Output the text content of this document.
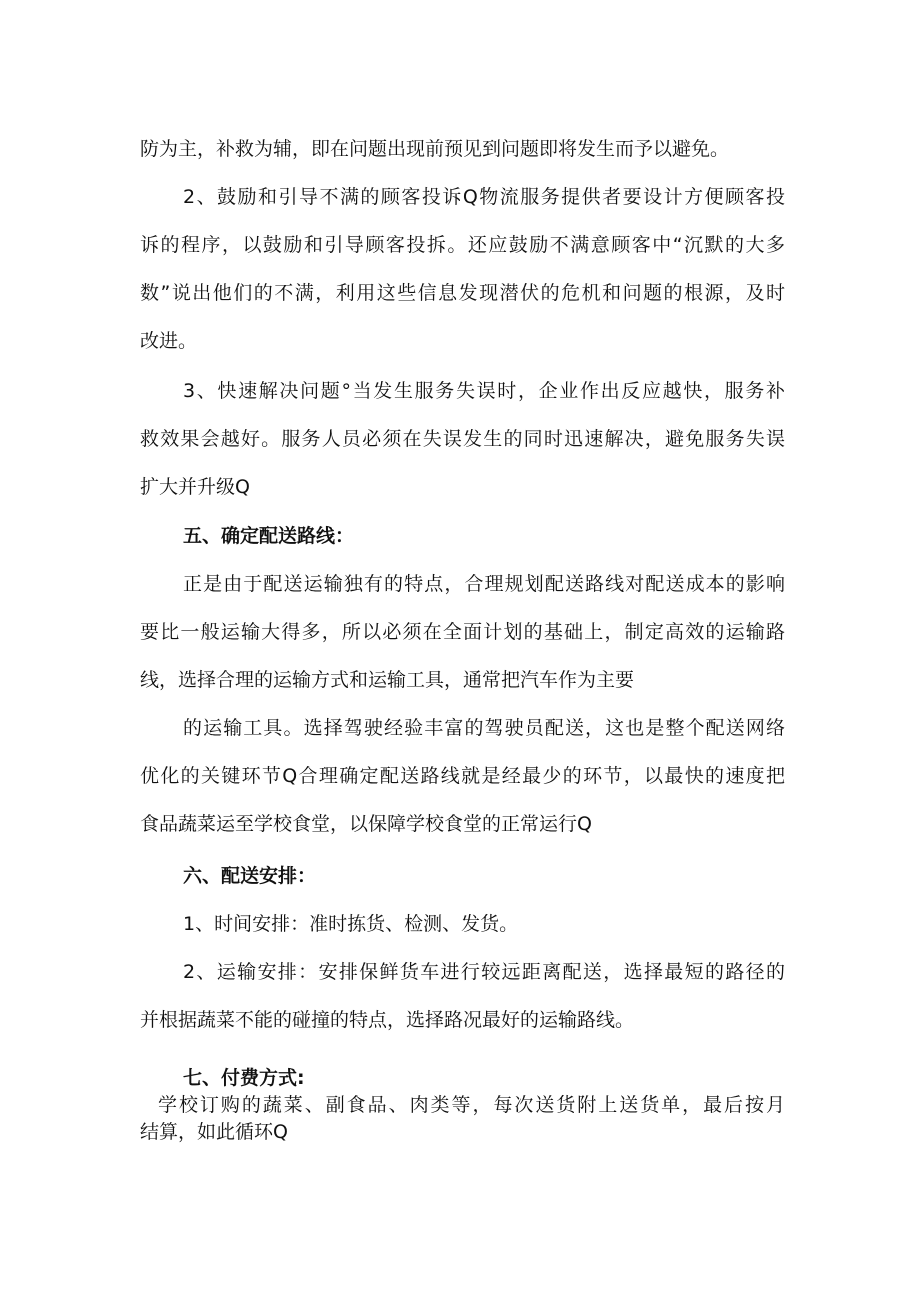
防为主，补救为辅，即在问题出现前预见到问题即将发生而予以避免。

2、鼓励和引导不满的顾客投诉Q物流服务提供者要设计方便顾客投

诉的程序，以鼓励和引导顾客投拆。还应鼓励不满意顾客中“沉默的大多

数”说出他们的不满，利用这些信息发现潜伏的危机和问题的根源，及时

改进。

3、快速解决问题°当发生服务失误时，企业作出反应越快，服务补

救效果会越好。服务人员必须在失误发生的同时迅速解决，避免服务失误

扩大并升级Q

五、确定配送路线：

正是由于配送运输独有的特点，合理规划配送路线对配送成本的影响

要比一般运输大得多，所以必须在全面计划的基础上，制定高效的运输路

线，选择合理的运输方式和运输工具，通常把汽车作为主要

的运输工具。选择驾驶经验丰富的驾驶员配送，这也是整个配送网络

优化的关键环节Q合理确定配送路线就是经最少的环节，以最快的速度把

食品蔬菜运至学校食堂，以保障学校食堂的正常运行Q

六、配送安排：

1、时间安排：准时拣货、检测、发货。

2、运输安排：安排保鲜货车进行较远距离配送，选择最短的路径的

并根据蔬菜不能的碰撞的特点，选择路况最好的运输路线。

七、付费方式:

学校订购的蔬菜、副食品、肉类等，每次送货附上送货单，最后按月

结算，如此循环Q
